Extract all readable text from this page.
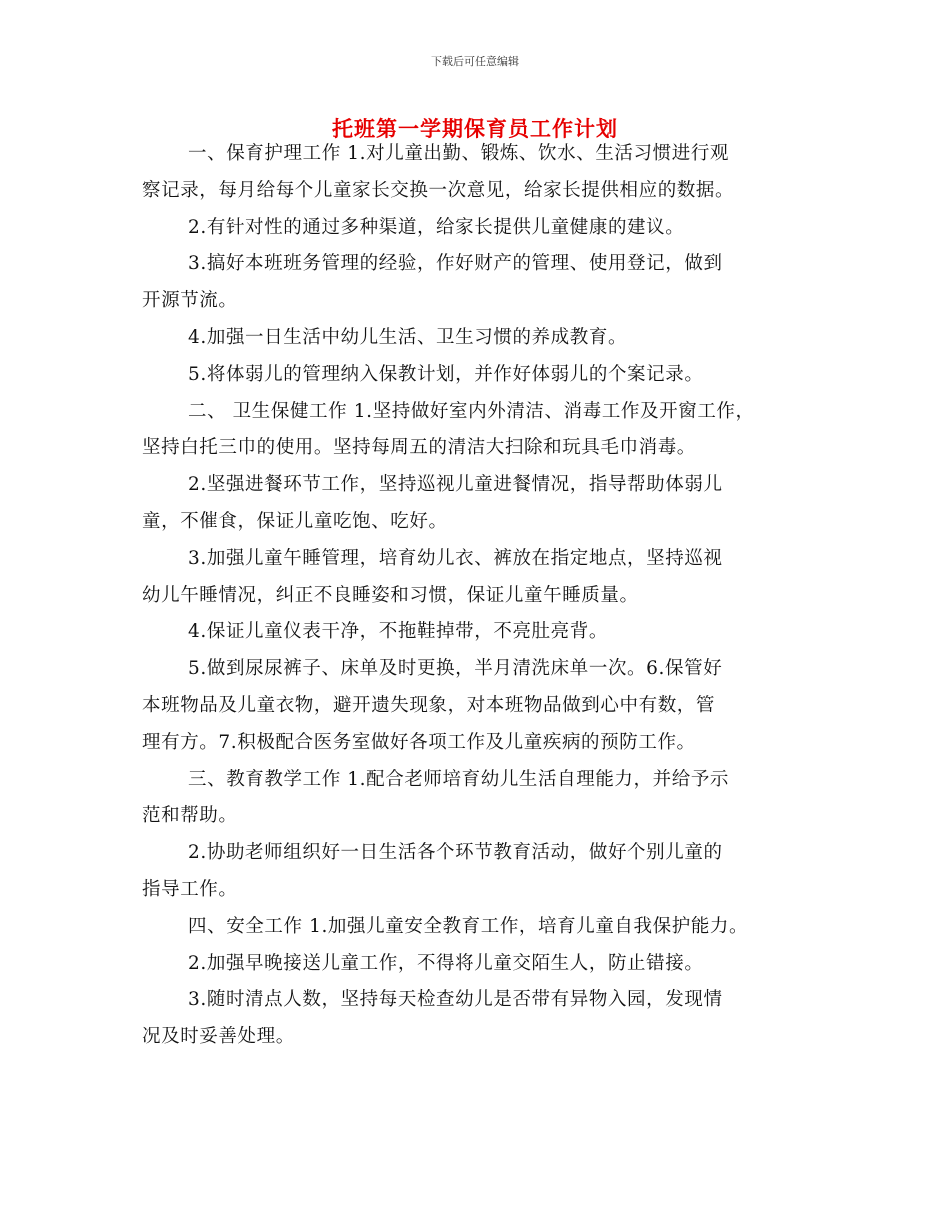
下载后可任意编辑
托班第一学期保育员工作计划
一、保育护理工作 1.对儿童出勤、锻炼、饮水、生活习惯进行观
察记录，每月给每个儿童家长交换一次意见，给家长提供相应的数据。
2.有针对性的通过多种渠道，给家长提供儿童健康的建议。
3.搞好本班班务管理的经验，作好财产的管理、使用登记，做到
开源节流。
4.加强一日生活中幼儿生活、卫生习惯的养成教育。
5.将体弱儿的管理纳入保教计划，并作好体弱儿的个案记录。
二、 卫生保健工作 1.坚持做好室内外清洁、消毒工作及开窗工作，
坚持白托三巾的使用。坚持每周五的清洁大扫除和玩具毛巾消毒。
2.坚强进餐环节工作，坚持巡视儿童进餐情况，指导帮助体弱儿
童，不催食，保证儿童吃饱、吃好。
3.加强儿童午睡管理，培育幼儿衣、裤放在指定地点，坚持巡视
幼儿午睡情况，纠正不良睡姿和习惯，保证儿童午睡质量。
4.保证儿童仪表干净，不拖鞋掉带，不亮肚亮背。
5.做到尿尿裤子、床单及时更换，半月清洗床单一次。6.保管好
本班物品及儿童衣物，避开遗失现象，对本班物品做到心中有数，管
理有方。7.积极配合医务室做好各项工作及儿童疾病的预防工作。
三、教育教学工作 1.配合老师培育幼儿生活自理能力，并给予示
范和帮助。
2.协助老师组织好一日生活各个环节教育活动，做好个别儿童的
指导工作。
四、安全工作 1.加强儿童安全教育工作，培育儿童自我保护能力。
2.加强早晚接送儿童工作，不得将儿童交陌生人，防止错接。
3.随时清点人数，坚持每天检查幼儿是否带有异物入园，发现情
况及时妥善处理。
